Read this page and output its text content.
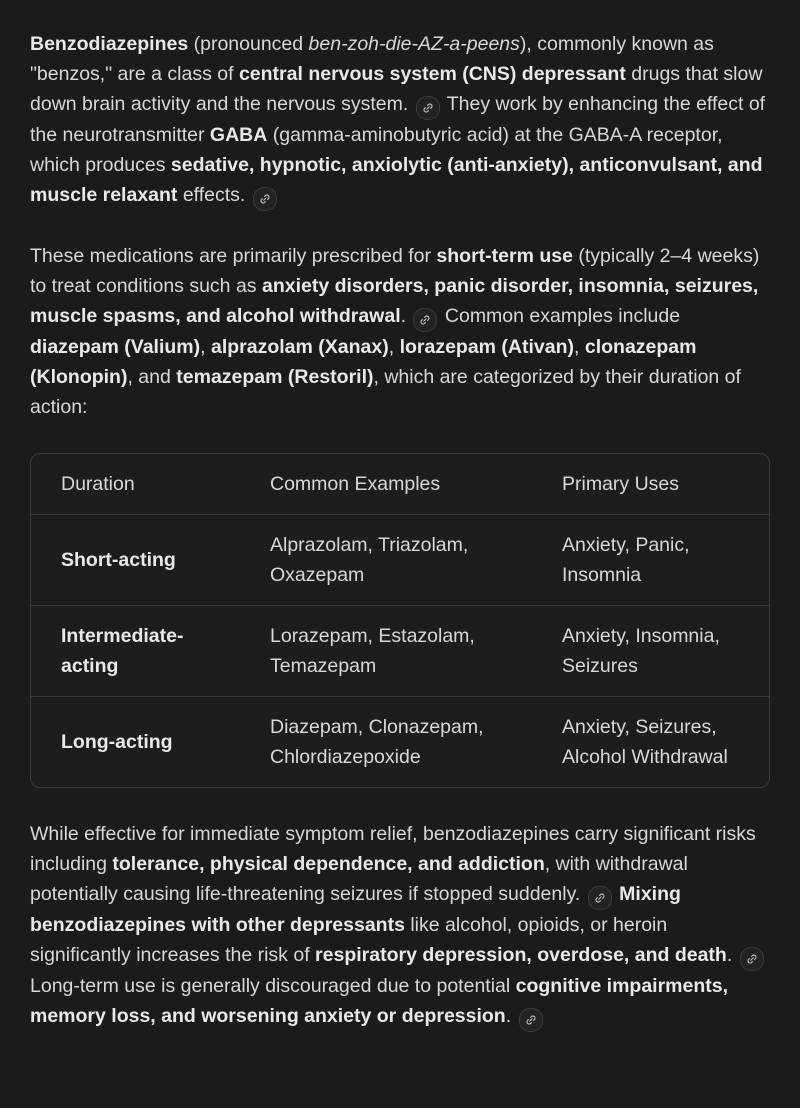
Benzodiazepines (pronounced ben-zoh-die-AZ-a-peens), commonly known as "benzos," are a class of central nervous system (CNS) depressant drugs that slow down brain activity and the nervous system.
They work by enhancing the effect of the neurotransmitter GABA (gamma-aminobutyric acid) at the GABA-A receptor, which produces sedative, hypnotic, anxiolytic (anti-anxiety), anticonvulsant, and muscle relaxant effects.

These medications are primarily prescribed for short-term use (typically 2–4 weeks) to treat conditions such as anxiety disorders, panic disorder, insomnia, seizures, muscle spasms, and alcohol withdrawal.
Common examples include diazepam (Valium), alprazolam (Xanax), lorazepam (Ativan), clonazepam (Klonopin), and temazepam (Restoril), which are categorized by their duration of action:

Duration	Common Examples	Primary Uses
Short-acting	Alprazolam, Triazolam, Oxazepam	Anxiety, Panic, Insomnia
Intermediate-acting	Lorazepam, Estazolam, Temazepam	Anxiety, Insomnia, Seizures
Long-acting	Diazepam, Clonazepam, Chlordiazepoxide	Anxiety, Seizures, Alcohol Withdrawal

While effective for immediate symptom relief, benzodiazepines carry significant risks including tolerance, physical dependence, and addiction, with withdrawal potentially causing life-threatening seizures if stopped suddenly. Mixing benzodiazepines with other depressants like alcohol, opioids, or heroin significantly increases the risk of respiratory depression, overdose, and death.
Long-term use is generally discouraged due to potential cognitive impairments, memory loss, and worsening anxiety or depression.
